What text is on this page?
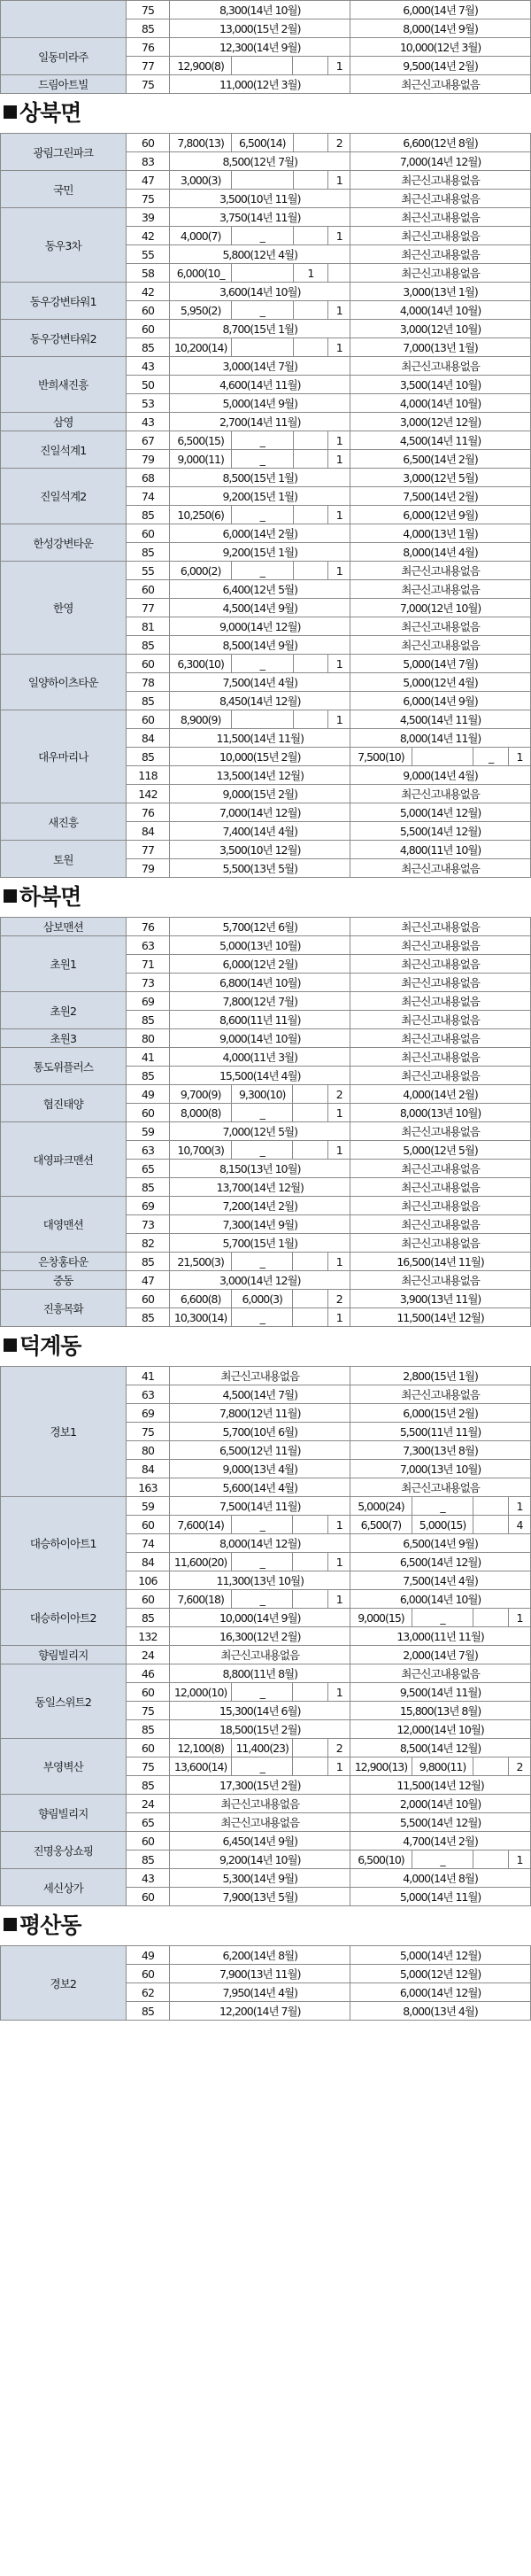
	75	8,300(14년 10월)				6,000(14년 7월)
	85	13,000(15년 2월)				8,000(14년 9월)
일동미라주	76	12,300(14년 9월)				10,000(12년 3월)
	77	12,900(8)			1	9,500(14년 2월)
드림아트빌	75	11,000(12년 3월)				최근신고내용없음
상북면
광림그린파크	60	7,800(13)	6,500(14)		2	6,600(12년 8월)			
	83	8,500(12년 7월)				7,000(14년 12월)			
국민	47	3,000(3)			1	최근신고내용없음			
	75	3,500(10년 11월)				최근신고내용없음			
동우3차	39	3,750(14년 11월)				최근신고내용없음			
	42	4,000(7)	_		1	최근신고내용없음			
	55	5,800(12년 4월)				최근신고내용없음			
	58	6,000(10_		1		최근신고내용없음			
동우강변타워1	42	3,600(14년 10월)				3,000(13년 1월)			
	60	5,950(2)	_		1	4,000(14년 10월)			
동우강변타워2	60	8,700(15년 1월)				3,000(12년 10월)			
	85	10,200(14)			1	7,000(13년 1월)			
반희새진흥	43	3,000(14년 7월)				최근신고내용없음			
	50	4,600(14년 11월)				3,500(14년 10월)			
	53	5,000(14년 9월)				4,000(14년 10월)			
삼영	43	2,700(14년 11월)				3,000(12년 12월)			
진일석계1	67	6,500(15)	_		1	4,500(14년 11월)			
	79	9,000(11)	_		1	6,500(14년 2월)			
진일석계2	68	8,500(15년 1월)				3,000(12년 5월)			
	74	9,200(15년 1월)				7,500(14년 2월)			
	85	10,250(6)	_		1	6,000(12년 9월)			
한성강변타운	60	6,000(14년 2월)				4,000(13년 1월)			
	85	9,200(15년 1월)				8,000(14년 4월)			
한영	55	6,000(2)	_		1	최근신고내용없음			
	60	6,400(12년 5월)				최근신고내용없음			
	77	4,500(14년 9월)				7,000(12년 10월)			
	81	9,000(14년 12월)				최근신고내용없음			
	85	8,500(14년 9월)				최근신고내용없음			
일양하이츠타운	60	6,300(10)	_		1	5,000(14년 7월)			
	78	7,500(14년 4월)				5,000(12년 4월)			
	85	8,450(14년 12월)				6,000(14년 9월)			
대우마리나	60	8,900(9)			1	4,500(14년 11월)			
	84	11,500(14년 11월)				8,000(14년 11월)			
	85	10,000(15년 2월)				7,500(10)		_	1
	118	13,500(14년 12월)				9,000(14년 4월)			
	142	9,000(15년 2월)				최근신고내용없음			
새진흥	76	7,000(14년 12월)				5,000(14년 12월)			
	84	7,400(14년 4월)				5,500(14년 12월)			
토원	77	3,500(10년 12월)				4,800(11년 10월)			
	79	5,500(13년 5월)				최근신고내용없음			
하북면
삼보맨션	76	5,700(12년 6월)				최근신고내용없음
초원1	63	5,000(13년 10월)				최근신고내용없음
	71	6,000(12년 2월)				최근신고내용없음
	73	6,800(14년 10월)				최근신고내용없음
초원2	69	7,800(12년 7월)				최근신고내용없음
	85	8,600(11년 11월)				최근신고내용없음
초원3	80	9,000(14년 10월)				최근신고내용없음
통도위플러스	41	4,000(11년 3월)				최근신고내용없음
	85	15,500(14년 4월)				최근신고내용없음
협진태양	49	9,700(9)	9,300(10)		2	4,000(14년 2월)
	60	8,000(8)	_		1	8,000(13년 10월)
대영파크맨션	59	7,000(12년 5월)				최근신고내용없음
	63	10,700(3)	_		1	5,000(12년 5월)
	65	8,150(13년 10월)				최근신고내용없음
	85	13,700(14년 12월)				최근신고내용없음
대영맨션	69	7,200(14년 2월)				최근신고내용없음
	73	7,300(14년 9월)				최근신고내용없음
	82	5,700(15년 1월)				최근신고내용없음
은창홍타운	85	21,500(3)	_		1	16,500(14년 11월)
중동	47	3,000(14년 12월)				최근신고내용없음
진흥목화	60	6,600(8)	6,000(3)		2	3,900(13년 11월)
	85	10,300(14)	_		1	11,500(14년 12월)
덕계동
경보1	41	최근신고내용없음				2,800(15년 1월)			
	63	4,500(14년 7월)				최근신고내용없음			
	69	7,800(12년 11월)				6,000(15년 2월)			
	75	5,700(10년 6월)				5,500(11년 11월)			
	80	6,500(12년 11월)				7,300(13년 8월)			
	84	9,000(13년 4월)				7,000(13년 10월)			
	163	5,600(14년 4월)				최근신고내용없음			
대승하이아트1	59	7,500(14년 11월)				5,000(24)	_		1
	60	7,600(14)	_		1	6,500(7)	5,000(15)		4
	74	8,000(14년 12월)				6,500(14년 9월)			
	84	11,600(20)	_		1	6,500(14년 12월)			
	106	11,300(13년 10월)				7,500(14년 4월)			
대승하이아트2	60	7,600(18)	_		1	6,000(14년 10월)			
	85	10,000(14년 9월)				9,000(15)	_		1
	132	16,300(12년 2월)				13,000(11년 11월)			
향림빌리지	24	최근신고내용없음				2,000(14년 7월)			
동일스위트2	46	8,800(11년 8월)				최근신고내용없음			
	60	12,000(10)	_		1	9,500(14년 11월)			
	75	15,300(14년 6월)				15,800(13년 8월)			
	85	18,500(15년 2월)				12,000(14년 10월)			
부영벽산	60	12,100(8)	11,400(23)		2	8,500(14년 12월)			
	75	13,600(14)	_		1	12,900(13)	9,800(11)		2
	85	17,300(15년 2월)				11,500(14년 12월)			
향림빌리지	24	최근신고내용없음				2,000(14년 10월)			
	65	최근신고내용없음				5,500(14년 12월)			
진명웅상쇼핑	60	6,450(14년 9월)				4,700(14년 2월)			
	85	9,200(14년 10월)				6,500(10)	_		1
세신상가	43	5,300(14년 9월)				4,000(14년 8월)			
	60	7,900(13년 5월)				5,000(14년 11월)			
평산동
경보2	49	6,200(14년 8월)	5,000(14년 12월)
	60	7,900(13년 11월)	5,000(12년 12월)
	62	7,950(14년 4월)	6,000(14년 12월)
	85	12,200(14년 7월)	8,000(13년 4월)
